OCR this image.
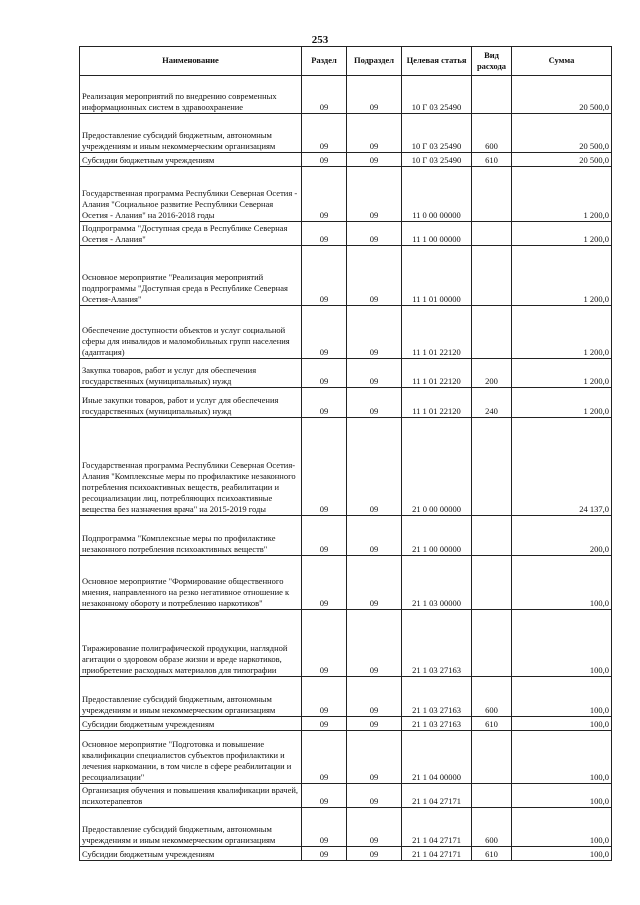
253
Наименование	Раздел	Подраздел	Целевая статья	Вид расхода	Сумма
Реализация мероприятий по внедрению современных информационных систем в здравоохранение	09	09	10 Г 03 25490		20 500,0
Предоставление субсидий бюджетным, автономным учреждениям и иным некоммерческим организациям	09	09	10 Г 03 25490	600	20 500,0
Субсидии бюджетным учреждениям	09	09	10 Г 03 25490	610	20 500,0
Государственная программа Республики Северная Осетия - Алания "Социальное развитие Республики Северная Осетия - Алания" на 2016-2018 годы	09	09	11 0 00 00000		1 200,0
Подпрограмма "Доступная среда в Республике Северная Осетия - Алания"	09	09	11 1 00 00000		1 200,0
Основное мероприятие "Реализация мероприятий подпрограммы "Доступная среда в Республике Северная Осетия-Алания"	09	09	11 1 01 00000		1 200,0
Обеспечение доступности объектов и услуг социальной сферы для инвалидов и маломобильных групп населения (адаптация)	09	09	11 1 01 22120		1 200,0
Закупка товаров, работ и услуг для обеспечения государственных (муниципальных) нужд	09	09	11 1 01 22120	200	1 200,0
Иные закупки товаров, работ и услуг для обеспечения государственных (муниципальных) нужд	09	09	11 1 01 22120	240	1 200,0
Государственная программа Республики Северная Осетия-Алания "Комплексные меры по профилактике незаконного потребления психоактивных веществ, реабилитации и ресоциализации лиц, потребляющих психоактивные вещества без назначения врача" на 2015-2019 годы	09	09	21 0 00 00000		24 137,0
Подпрограмма "Комплексные меры по профилактике незаконного потребления психоактивных веществ"	09	09	21 1 00 00000		200,0
Основное мероприятие "Формирование общественного мнения, направленного на резко негативное отношение к незаконному обороту и потреблению наркотиков"	09	09	21 1 03 00000		100,0
Тиражирование полиграфической продукции, наглядной агитации о здоровом образе жизни и вреде наркотиков, приобретение расходных материалов для типографии	09	09	21 1 03 27163		100,0
Предоставление субсидий бюджетным, автономным учреждениям и иным некоммерческим организациям	09	09	21 1 03 27163	600	100,0
Субсидии бюджетным учреждениям	09	09	21 1 03 27163	610	100,0
Основное мероприятие "Подготовка и повышение квалификации специалистов субъектов профилактики и лечения наркомании, в том числе в сфере реабилитации и ресоциализации"	09	09	21 1 04 00000		100,0
Организация обучения и повышения квалификации врачей, психотерапевтов	09	09	21 1 04 27171		100,0
Предоставление субсидий бюджетным, автономным учреждениям и иным некоммерческим организациям	09	09	21 1 04 27171	600	100,0
Субсидии бюджетным учреждениям	09	09	21 1 04 27171	610	100,0
